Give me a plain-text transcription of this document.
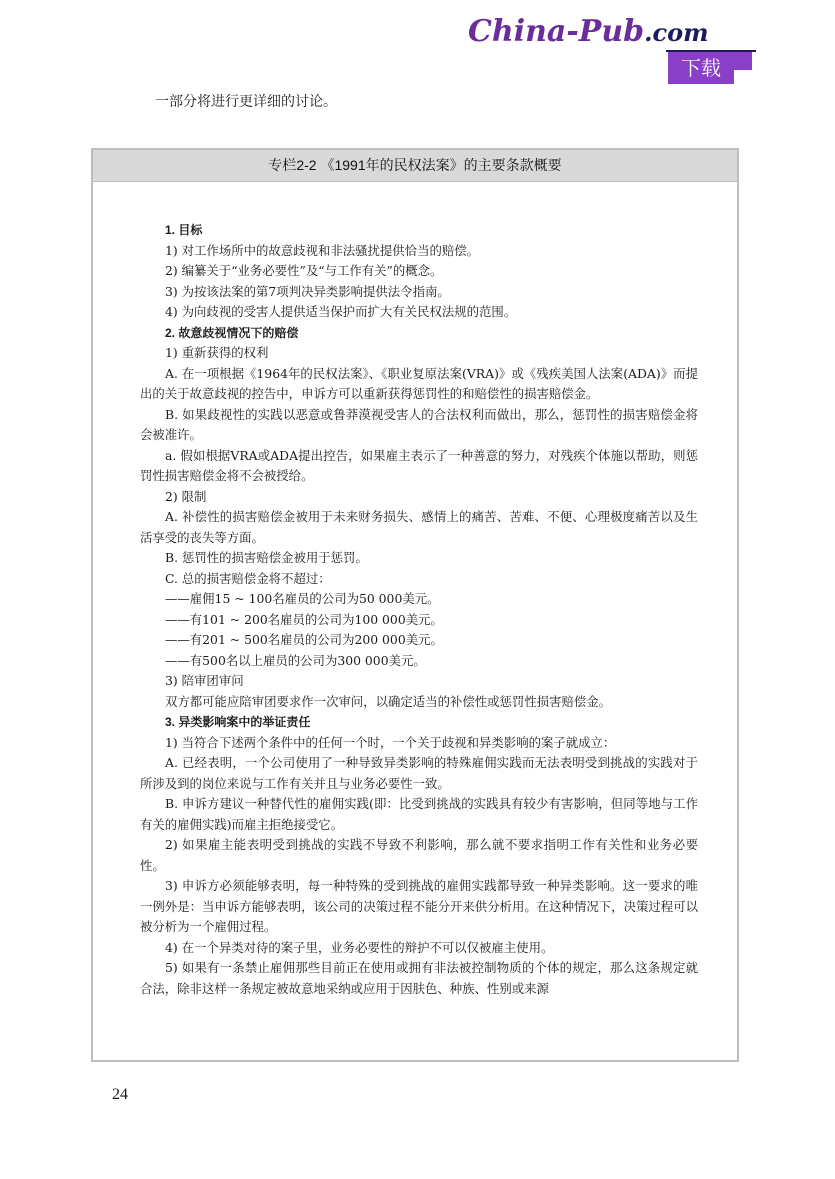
China-Pub.com
下载
一部分将进行更详细的讨论。
专栏2-2 《1991年的民权法案》的主要条款概要

1. 目标

1) 对工作场所中的故意歧视和非法骚扰提供恰当的赔偿。

2) 编纂关于“业务必要性”及“与工作有关”的概念。

3) 为按该法案的第7项判决异类影响提供法令指南。

4) 为向歧视的受害人提供适当保护而扩大有关民权法规的范围。

2. 故意歧视情况下的赔偿

1) 重新获得的权利

A. 在一项根据《1964年的民权法案》、《职业复原法案(VRA)》或《残疾美国人法案(ADA)》而提出的关于故意歧视的控告中，申诉方可以重新获得惩罚性的和赔偿性的损害赔偿金。

B. 如果歧视性的实践以恶意或鲁莽漠视受害人的合法权利而做出，那么，惩罚性的损害赔偿金将会被准许。

a. 假如根据VRA或ADA提出控告，如果雇主表示了一种善意的努力，对残疾个体施以帮助，则惩罚性损害赔偿金将不会被授给。

2) 限制

A. 补偿性的损害赔偿金被用于未来财务损失、感情上的痛苦、苦难、不便、心理极度痛苦以及生活享受的丧失等方面。

B. 惩罚性的损害赔偿金被用于惩罚。

C. 总的损害赔偿金将不超过：

——雇佣15 ~ 100名雇员的公司为50 000美元。

——有101 ~ 200名雇员的公司为100 000美元。

——有201 ~ 500名雇员的公司为200 000美元。

——有500名以上雇员的公司为300 000美元。

3) 陪审团审问

双方都可能应陪审团要求作一次审问，以确定适当的补偿性或惩罚性损害赔偿金。

3. 异类影响案中的举证责任

1) 当符合下述两个条件中的任何一个时，一个关于歧视和异类影响的案子就成立：

A. 已经表明，一个公司使用了一种导致异类影响的特殊雇佣实践而无法表明受到挑战的实践对于所涉及到的岗位来说与工作有关并且与业务必要性一致。

B. 申诉方建议一种替代性的雇佣实践(即：比受到挑战的实践具有较少有害影响，但同等地与工作有关的雇佣实践)而雇主拒绝接受它。

2) 如果雇主能表明受到挑战的实践不导致不利影响，那么就不要求指明工作有关性和业务必要性。

3) 申诉方必须能够表明，每一种特殊的受到挑战的雇佣实践都导致一种异类影响。这一要求的唯一例外是：当申诉方能够表明，该公司的决策过程不能分开来供分析用。在这种情况下，决策过程可以被分析为一个雇佣过程。

4) 在一个异类对待的案子里，业务必要性的辩护不可以仅被雇主使用。

5) 如果有一条禁止雇佣那些目前正在使用或拥有非法被控制物质的个体的规定，那么这条规定就合法，除非这样一条规定被故意地采纳或应用于因肤色、种族、性别或来源

24
